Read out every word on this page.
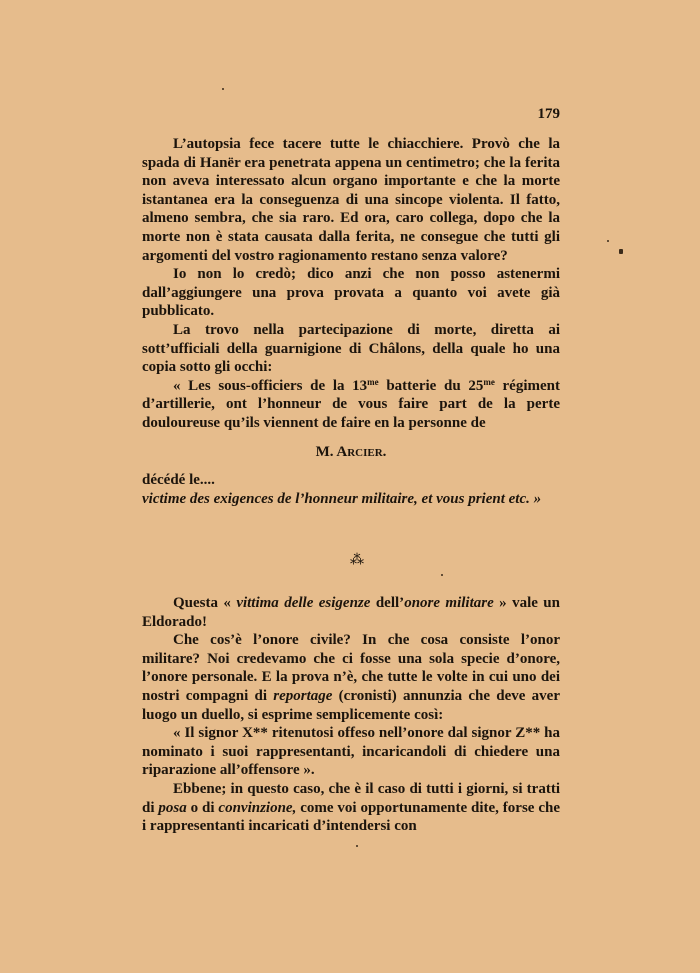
179

L’autopsia fece tacere tutte le chiacchiere. Provò che la spada di Hanër era penetrata appena un centimetro; che la ferita non aveva interessato alcun organo importante e che la morte istantanea era la conseguenza di una sincope violenta. Il fatto, almeno sembra, che sia raro. Ed ora, caro collega, dopo che la morte non è stata causata dalla ferita, ne consegue che tutti gli argomenti del vostro ragionamento restano senza valore?

Io non lo credò; dico anzi che non posso astenermi dall’aggiungere una prova provata a quanto voi avete già pubblicato.

La trovo nella partecipazione di morte, diretta ai sott’ufficiali della guarnigione di Châlons, della quale ho una copia sotto gli occhi:

« Les sous-officiers de la $13^{me}$ batterie du $25^{me}$ régiment d’artillerie, ont l’honneur de vous faire part de la perte douloureuse qu’ils viennent de faire en la personne de

M. Arcier.

décédé le....

victime des exigences de l’honneur militaire, et vous prient etc. »

⁂

Questa « vittima delle esigenze dell’onore militare » vale un Eldorado!

Che cos’è l’onore civile? In che cosa consiste l’onor militare? Noi credevamo che ci fosse una sola specie d’onore, l’onore personale. E la prova n’è, che tutte le volte in cui uno dei nostri compagni di reportage (cronisti) annunzia che deve aver luogo un duello, si esprime semplicemente così:

« Il signor X** ritenutosi offeso nell’onore dal signor Z** ha nominato i suoi rappresentanti, incaricandoli di chiedere una riparazione all’offensore ».

Ebbene; in questo caso, che è il caso di tutti i giorni, si tratti di posa o di convinzione, come voi opportunamente dite, forse che i rappresentanti incaricati d’intendersi con
